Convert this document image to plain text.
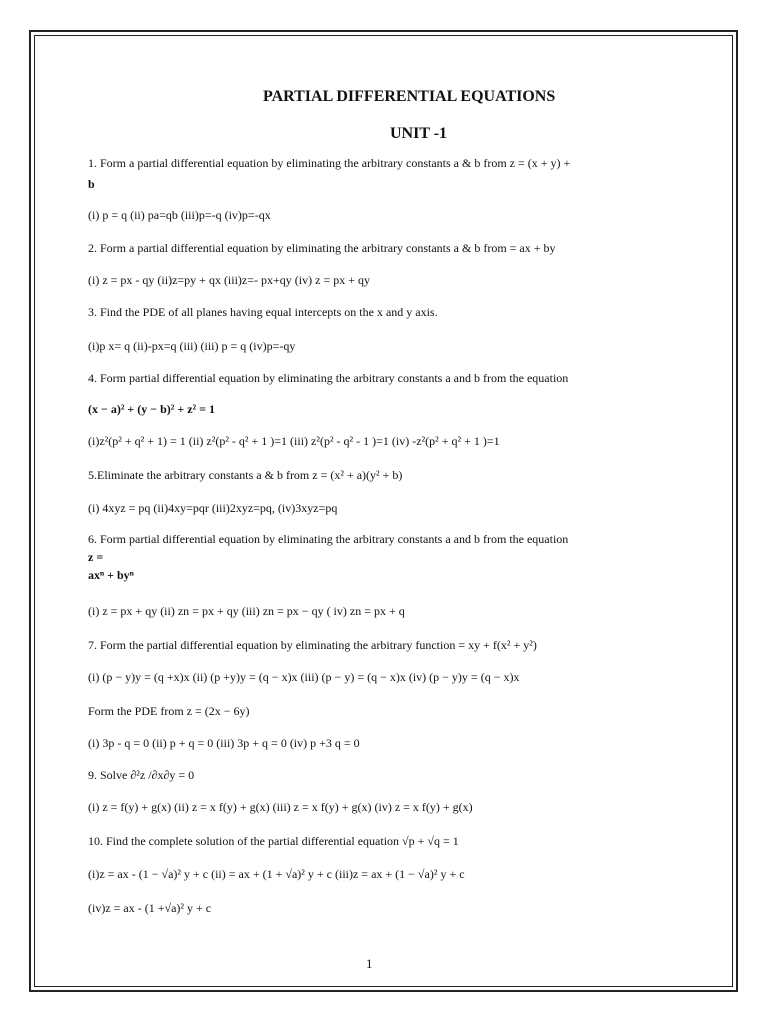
PARTIAL DIFFERENTIAL EQUATIONS
UNIT -1
1. Form a partial differential equation by eliminating the arbitrary constants a & b from z = (x + y) +
b
(i) p = q (ii) pa=qb (iii)p=-q (iv)p=-qx
2. Form a partial differential equation by eliminating the arbitrary constants a & b from = ax + by
(i) z = px - qy (ii)z=py + qx (iii)z=- px+qy (iv) z = px + qy
3. Find the PDE of all planes having equal intercepts on the x and y axis.
(i)p x= q (ii)-px=q (iii) (iii) p = q (iv)p=-qy
4. Form partial differential equation by eliminating the arbitrary constants a and b from the equation
(x − a)² + (y − b)² + z² = 1
(i)z²(p² + q² + 1) = 1 (ii) z²(p² - q² + 1 )=1 (iii) z²(p² - q² - 1 )=1 (iv) -z²(p² + q² + 1 )=1
5.Eliminate the arbitrary constants a & b from z = (x² + a)(y² + b)
(i) 4xyz = pq (ii)4xy=pqr (iii)2xyz=pq, (iv)3xyz=pq
6. Form partial differential equation by eliminating the arbitrary constants a and b from the equation
z =
axⁿ + byⁿ
(i) z = px + qy (ii) zn = px + qy (iii) zn = px − qy ( iv) zn = px + q
7. Form the partial differential equation by eliminating the arbitrary function = xy + f(x² + y²)
(i) (p − y)y = (q +x)x (ii) (p +y)y = (q − x)x (iii) (p − y) = (q − x)x (iv) (p − y)y = (q − x)x
Form the PDE from z = (2x − 6y)
(i) 3p - q = 0 (ii) p + q = 0 (iii) 3p + q = 0 (iv) p +3 q = 0
9. Solve ∂²z /∂x∂y = 0
(i) z = f(y) + g(x) (ii) z = x f(y) + g(x) (iii) z = x f(y) + g(x) (iv) z = x f(y) + g(x)
10. Find the complete solution of the partial differential equation √p + √q = 1
(i)z = ax - (1 − √a)² y + c (ii) = ax + (1 + √a)² y + c (iii)z = ax + (1 − √a)² y + c
(iv)z = ax - (1 +√a)² y + c
1
